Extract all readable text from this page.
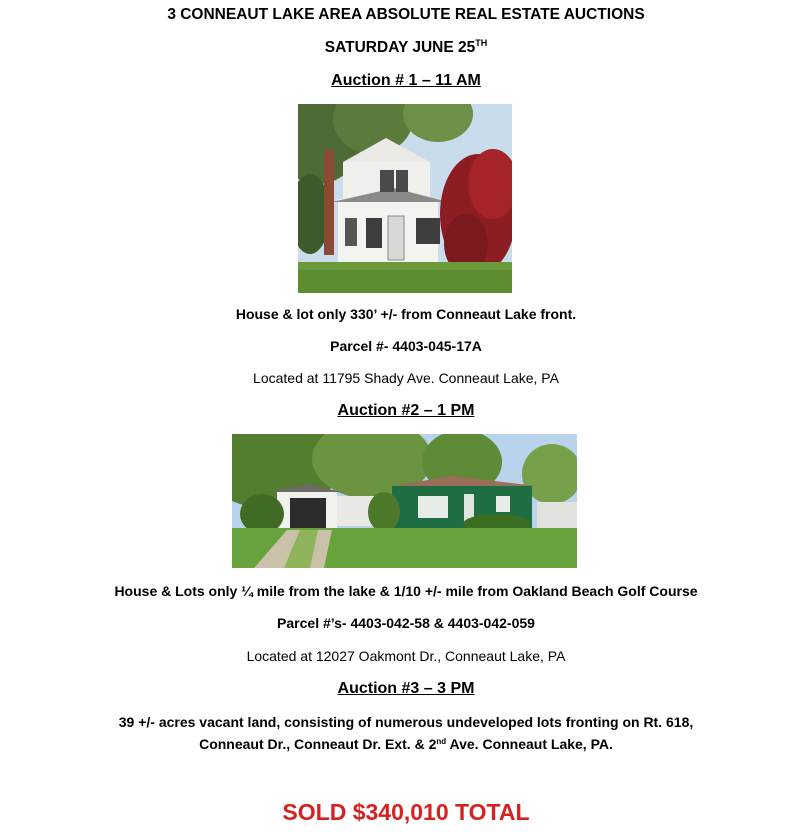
3 CONNEAUT LAKE AREA ABSOLUTE REAL ESTATE AUCTIONS
SATURDAY JUNE 25TH
Auction # 1 – 11 AM
House & lot only 330’ +/- from Conneaut Lake front.
Parcel #- 4403-045-17A
Located at 11795 Shady Ave. Conneaut Lake, PA
Auction #2 – 1 PM
House & Lots only ¼ mile from the lake & 1/10 +/- mile from Oakland Beach Golf Course
Parcel #’s- 4403-042-58 & 4403-042-059
Located at 12027 Oakmont Dr., Conneaut Lake, PA
Auction #3 – 3 PM
39 +/- acres vacant land, consisting of numerous undeveloped lots fronting on Rt. 618,
Conneaut Dr., Conneaut Dr. Ext. & 2nd Ave. Conneaut Lake, PA.
SOLD $340,010 TOTAL
